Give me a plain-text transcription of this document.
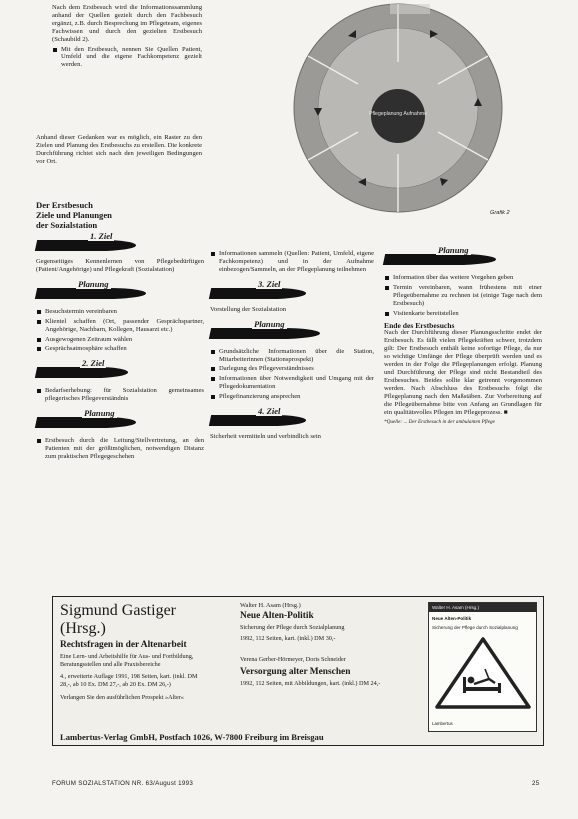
Nach dem Erstbesuch wird die Informationssammlung anhand der Quellen gezielt durch den Fachbesuch ergänzt, z.B. durch Besprechung im Pflegeteam, eigenes Fachwissen und durch den gezielten Erstbesuch (Schaubild 2).

Mit den Erstbesuch, nennen Sie Quellen Patient, Umfeld und die eigene Fachkompetenz gezielt werden.

Anhand dieser Gedanken war es möglich, ein Raster zu den Zielen und Planung des Erstbesuchs zu erstellen. Die konkrete Durchführung richtet sich nach den jeweiligen Bedingungen vor Ort.

Pflegeplanung Aufnahme
Grafik 2
Der Erstbesuch
Ziele und Planungen
der Sozialstation
1. Ziel

Gegenseitiges Kennenlernen von Pflegebedürftigen (Patient/Angehörige) und Pflegekraft (Sozialstation)

Planung
Besuchstermin vereinbaren
Klientel schaffen (Ort, passender Gesprächspartner, Angehörige, Nachbarn, Kollegen, Hausarzt etc.)
Ausgewogenen Zeitraum wählen
Gesprächsatmosphäre schaffen
2. Ziel
Bedarfserhebung: für Sozialstation gemeinsames pflegerisches Pflegeverständnis
Planung
Erstbesuch durch die Leitung/Stellvertretung, an den Patienten mit der größtmöglichen, notwendigen Distanz zum praktischen Pflegegeschehen
Informationen sammeln (Quellen: Patient, Umfeld, eigene Fachkompetenz) und in der Aufnahme einbezogen/Sammeln, an der Pflegeplanung teilnehmen
3. Ziel

Vorstellung der Sozialstation

Planung
Grundsätzliche Informationen über die Station, Mitarbeiterinnen (Stationsprospekt)
Darlegung des Pflegeverständnisses
Informationen über Notwendigkeit und Umgang mit der Pflegedokumentation
Pflegefinanzierung ansprechen
4. Ziel

Sicherheit vermitteln und verbindlich sein

Planung
Information über das weitere Vorgehen geben
Termin vereinbaren, wann frühestens mit einer Pflegeübernahme zu rechnen ist (einige Tage nach dem Erstbesuch)
Visitenkarte bereitstellen
Ende des Erstbesuchs

Nach der Durchführung dieser Planungsschritte endet der Erstbesuch. Es fällt vielen Pflegekräften schwer, trotzdem gilt: Der Erstbesuch enthält keine sofortige Pflege, da nur so wichtige Umfänge der Pflege überprüft werden und es werden in der Folge die Pflegeplanungen erfolgt. Planung und Durchführung der Pflege sind nicht Bestandteil des Erstbesuches. Beides sollte klar getrennt vorgenommen werden. Nach Abschluss des Erstbesuchs folgt die Pflegeplanung nach den Maßstäben. Zur Vorbereitung auf die Pflegeübernahme bitte von Anfang an Grundlagen für ein qualitätsvolles Pflegen im Pflegeprozess. ■

*Quelle: ... Der Erstbesuch in der ambulanten Pflege
Sigmund Gastiger (Hrsg.)
Rechtsfragen in der Altenarbeit
Eine Lern- und Arbeitshilfe für Aus- und Fortbildung, Beratungsstellen und alle Praxisbereiche
4., erweiterte Auflage 1991, 198 Seiten, kart. (inkl. DM 28,-, ab 10 Ex. DM 27,-, ab 20 Ex. DM 26,-)
Verlangen Sie den ausführlichen Prospekt »Alter«
Walter H. Asam (Hrsg.)
Neue Alten-Politik
Sicherung der Pflege durch Sozialplanung
1992, 112 Seiten, kart. (inkl.) DM 30,-
Verena Gerber-Hörmeyer, Doris Schneider
Versorgung alter Menschen
1992, 112 Seiten, mit Abbildungen, kart. (inkl.) DM 24,-
Walter H. Asam (Hrsg.)
Neue Alten-Politik
Sicherung der Pflege durch Sozialplanung
Lambertus
Lambertus-Verlag GmbH, Postfach 1026, W-7800 Freiburg im Breisgau
FORUM SOZIALSTATION NR. 63/August 1993	25
